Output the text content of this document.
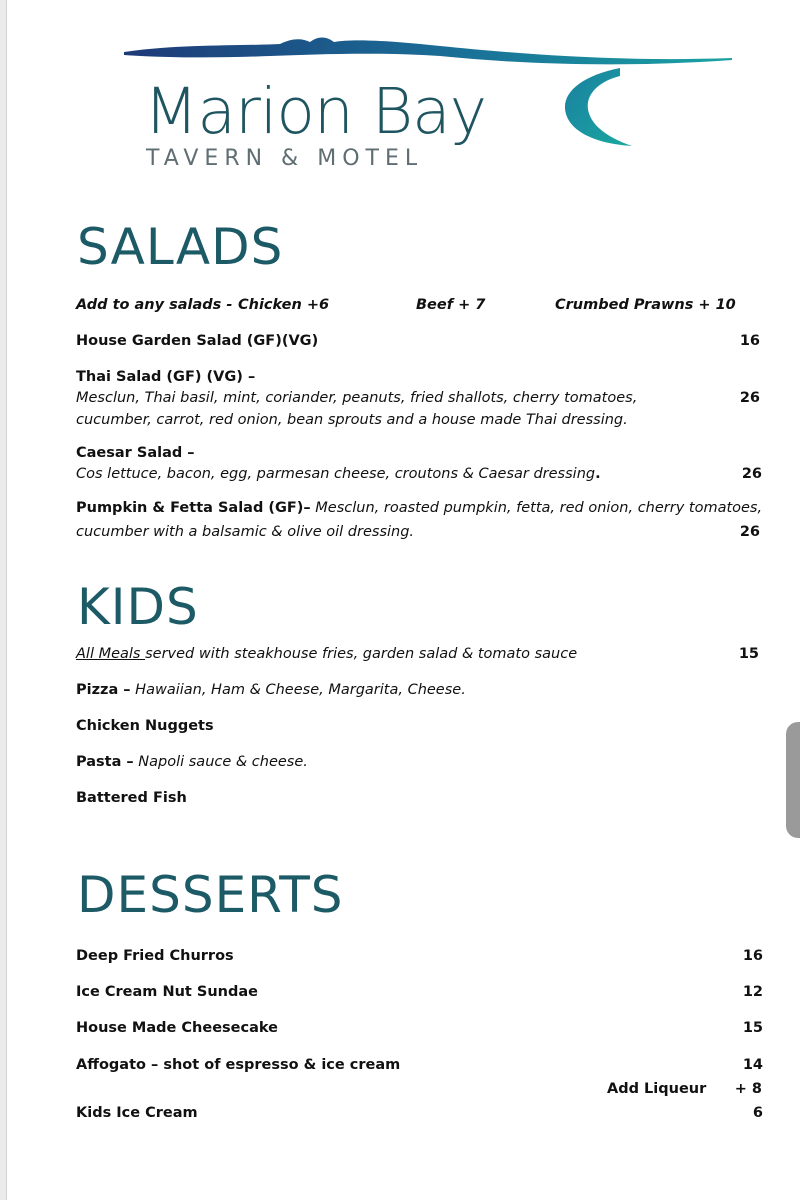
Marion Bay
TAVERN & MOTEL
SALADS
Add to any salads - Chicken +6	Beef + 7	Crumbed Prawns + 10
House Garden Salad (GF)(VG)	16
Thai Salad (GF) (VG) –
Mesclun, Thai basil, mint, coriander, peanuts, fried shallots, cherry tomatoes,
cucumber, carrot, red onion, bean sprouts and a house made Thai dressing.
26
Caesar Salad –
Cos lettuce, bacon, egg, parmesan cheese, croutons & Caesar dressing.	26
Pumpkin & Fetta Salad (GF)– Mesclun, roasted pumpkin, fetta, red onion, cherry tomatoes,
cucumber with a balsamic & olive oil dressing.	26
KIDS
All Meals served with steakhouse fries, garden salad & tomato sauce	15
Pizza – Hawaiian, Ham & Cheese, Margarita, Cheese.
Chicken Nuggets
Pasta – Napoli sauce & cheese.
Battered Fish
DESSERTS
Deep Fried Churros	16
Ice Cream Nut Sundae	12
House Made Cheesecake	15
Affogato – shot of espresso & ice cream	14
Add Liqueur + 8
Kids Ice Cream	6
